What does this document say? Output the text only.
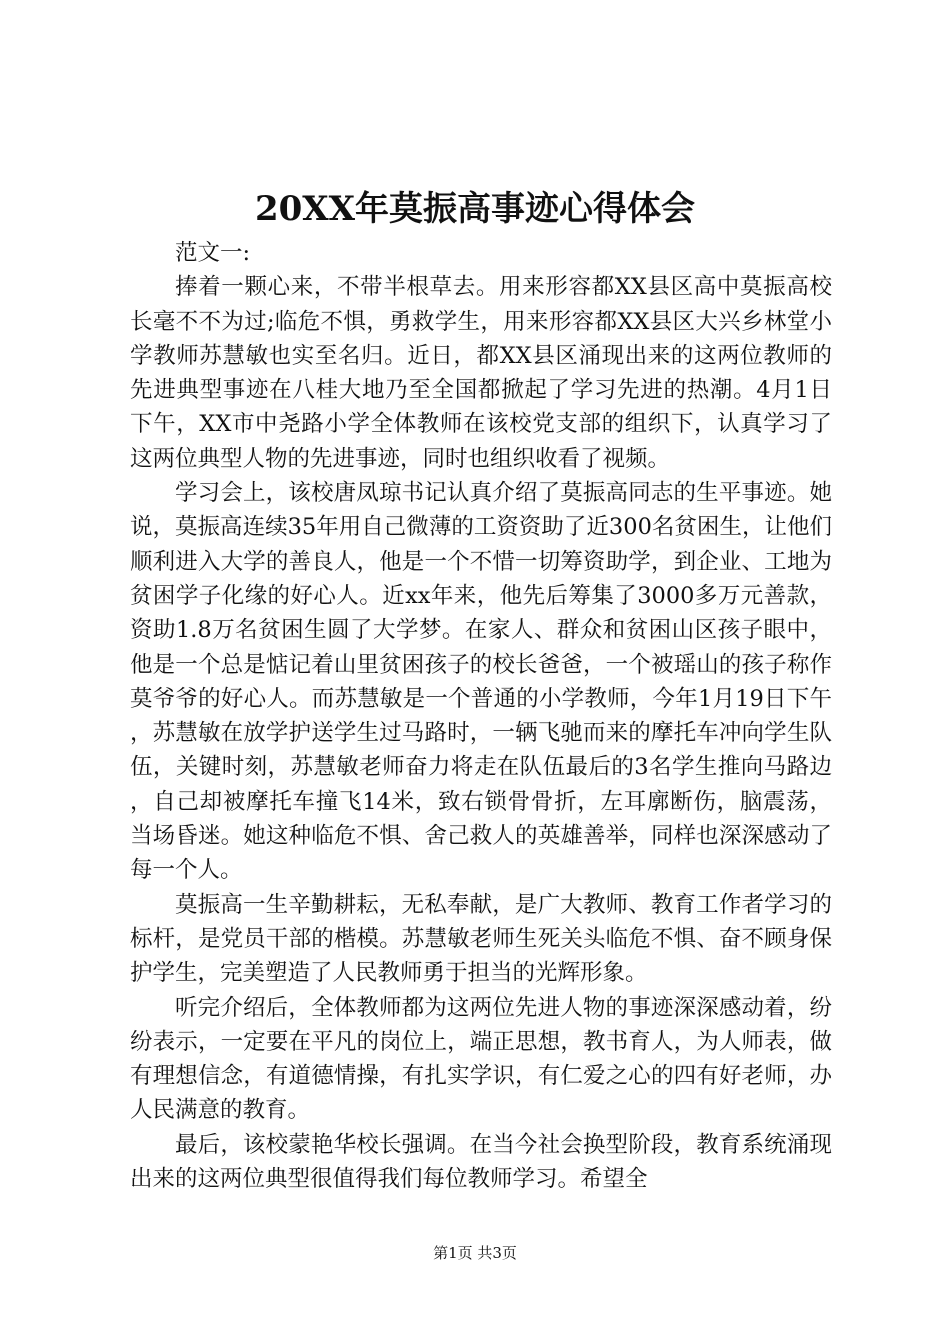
20XX年莫振高事迹心得体会

范文一:

捧着一颗心来，不带半根草去。用来形容都XX县区高中莫振高校长毫不不为过;临危不惧，勇救学生，用来形容都XX县区大兴乡林堂小学教师苏慧敏也实至名归。近日，都XX县区涌现出来的这两位教师的先进典型事迹在八桂大地乃至全国都掀起了学习先进的热潮。4月1日下午，XX市中尧路小学全体教师在该校党支部的组织下，认真学习了这两位典型人物的先进事迹，同时也组织收看了视频。

学习会上，该校唐凤琼书记认真介绍了莫振高同志的生平事迹。她说，莫振高连续35年用自己微薄的工资资助了近300名贫困生，让他们顺利进入大学的善良人，他是一个不惜一切筹资助学，到企业、工地为贫困学子化缘的好心人。近xx年来，他先后筹集了3000多万元善款，资助1.8万名贫困生圆了大学梦。在家人、群众和贫困山区孩子眼中，他是一个总是惦记着山里贫困孩子的校长爸爸，一个被瑶山的孩子称作莫爷爷的好心人。而苏慧敏是一个普通的小学教师，今年1月19日下午，苏慧敏在放学护送学生过马路时，一辆飞驰而来的摩托车冲向学生队伍，关键时刻，苏慧敏老师奋力将走在队伍最后的3名学生推向马路边，自己却被摩托车撞飞14米，致右锁骨骨折，左耳廓断伤，脑震荡，当场昏迷。她这种临危不惧、舍己救人的英雄善举，同样也深深感动了每一个人。

莫振高一生辛勤耕耘，无私奉献，是广大教师、教育工作者学习的标杆，是党员干部的楷模。苏慧敏老师生死关头临危不惧、奋不顾身保护学生，完美塑造了人民教师勇于担当的光辉形象。

听完介绍后，全体教师都为这两位先进人物的事迹深深感动着，纷纷表示，一定要在平凡的岗位上，端正思想，教书育人，为人师表，做有理想信念，有道德情操，有扎实学识，有仁爱之心的四有好老师，办人民满意的教育。

最后，该校蒙艳华校长强调。在当今社会换型阶段，教育系统涌现出来的这两位典型很值得我们每位教师学习。希望全

第1页 共3页
